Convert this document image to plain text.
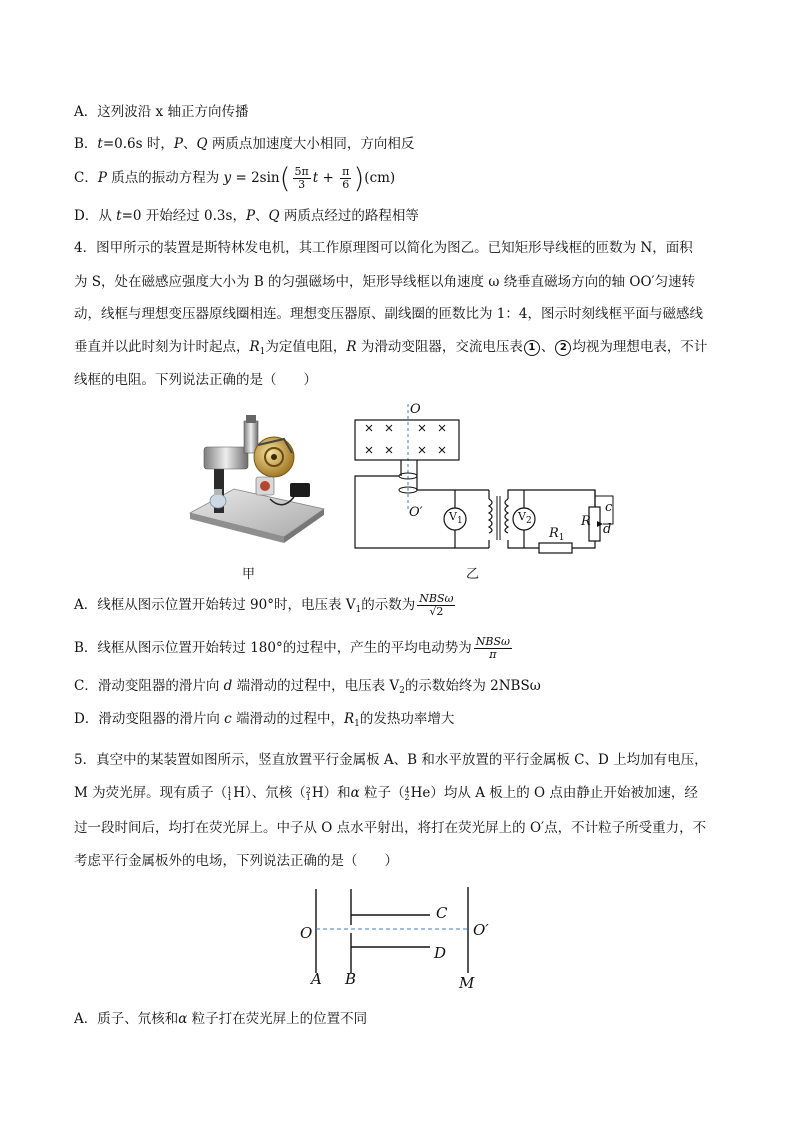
A．这列波沿 x 轴正方向传播
B．t=0.6s 时，P、Q 两质点加速度大小相同，方向相反
C．P 质点的振动方程为 $y = 2\sin( \frac{5\pi}{3}$ $t + \frac{\pi}{6} )(cm)$
D．从 t=0 开始经过 0.3s，P、Q 两质点经过的路程相等
4．图甲所示的装置是斯特林发电机，其工作原理图可以简化为图乙。已知矩形导线框的匝数为 N，面积
为 S，处在磁感应强度大小为 B 的匀强磁场中，矩形导线框以角速度 ω 绕垂直磁场方向的轴 OO′匀速转
动，线框与理想变压器原线圈相连。理想变压器原、副线圈的匝数比为 1：4，图示时刻线框平面与磁感线
垂直并以此时刻为计时起点，$R_1$为定值电阻，R 为滑动变阻器，交流电压表 1 、 2 均视为理想电表，不计
线框的电阻。下列说法正确的是（　　）
甲
O
O′ $V_1$	$V_2$	R
$R_1$
c
d
乙
A．线框从图示位置开始转过 90°时，电压表 $V_1$的示数为 $\frac{\text{NBSω}}{√2}$
B．线框从图示位置开始转过 180°的过程中，产生的平均电动势为 $\frac{\text{NBSω}}{\pi}$
C．滑动变阻器的滑片向 d 端滑动的过程中，电压表 $V_2$的示数始终为 2NBSω
D．滑动变阻器的滑片向 c 端滑动的过程中，$R_1$的发热功率增大
5．真空中的某装置如图所示，竖直放置平行金属板 A、B 和水平放置的平行金属板 C、D 上均加有电压，
M 为荧光屏。现有质子（ 1
1 H）、氘核（ 2
1 H）和α 粒子（ 4
2 He）均从 A 板上的 O 点由静止开始被加速，经
过一段时间后，均打在荧光屏上。中子从 O 点水平射出，将打在荧光屏上的 O′点，不计粒子所受重力，不
考虑平行金属板外的电场，下列说法正确的是（　　）
O	O′
C
D
A B	M
A．质子、氘核和α 粒子打在荧光屏上的位置不同
